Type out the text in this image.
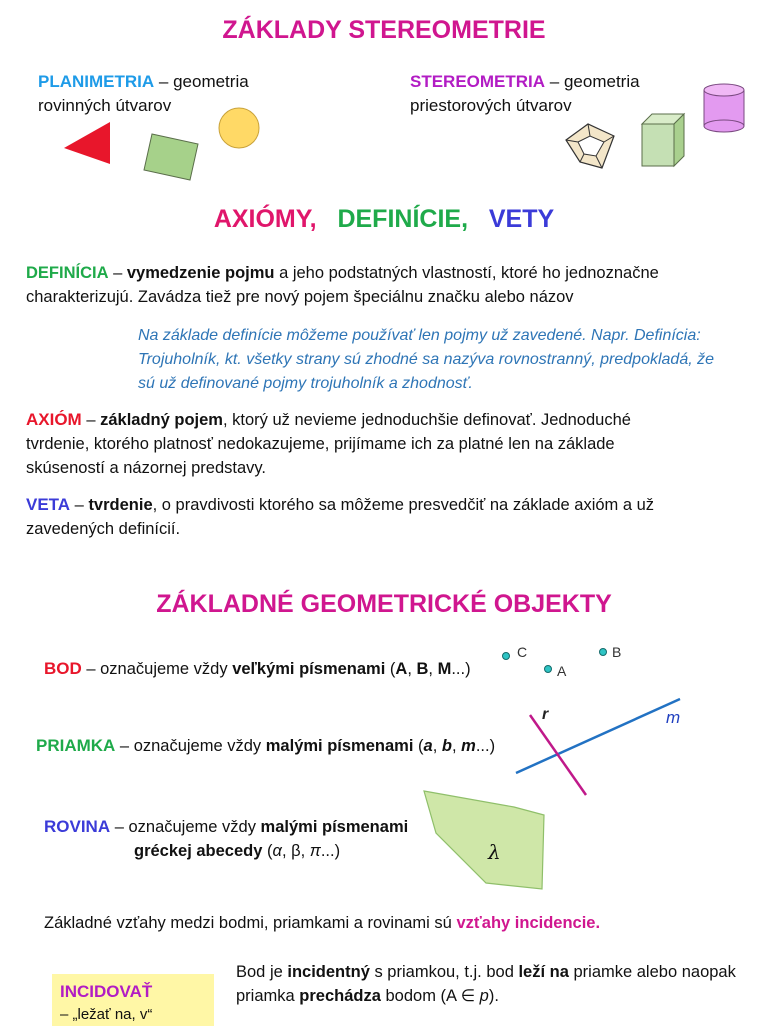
ZÁKLADY STEREOMETRIE
PLANIMETRIA – geometria
rovinných útvarov
STEREOMETRIA – geometria
priestorových útvarov
AXIÓMY, DEFINÍCIE, VETY
DEFINÍCIA – vymedzenie pojmu a jeho podstatných vlastností, ktoré ho jednoznačne
charakterizujú. Zavádza tiež pre nový pojem špeciálnu značku alebo názov
Na základe definície môžeme používať len pojmy už zavedené. Napr. Definícia:
Trojuholník, kt. všetky strany sú zhodné sa nazýva rovnostranný, predpokladá, že
sú už definované pojmy trojuholník a zhodnosť.
AXIÓM – základný pojem, ktorý už nevieme jednoduchšie definovať. Jednoduché
tvrdenie, ktorého platnosť nedokazujeme, prijímame ich za platné len na základe
skúseností a názornej predstavy.
VETA – tvrdenie, o pravdivosti ktorého sa môžeme presvedčiť na základe axióm a už
zavedených definícií.
ZÁKLADNÉ GEOMETRICKÉ OBJEKTY
BOD – označujeme vždy veľkými písmenami (A, B, M...)
C	B
A
PRIAMKA – označujeme vždy malými písmenami (a, b, m...)
r	m
ROVINA – označujeme vždy malými písmenami
gréckej abecedy (α, β, π...)	λ
Základné vzťahy medzi bodmi, priamkami a rovinami sú vzťahy incidencie.
INCIDOVAŤ
– „ležať na, v“
Bod je incidentný s priamkou, t.j. bod leží na priamke alebo naopak
priamka prechádza bodom (A ∈ p).
